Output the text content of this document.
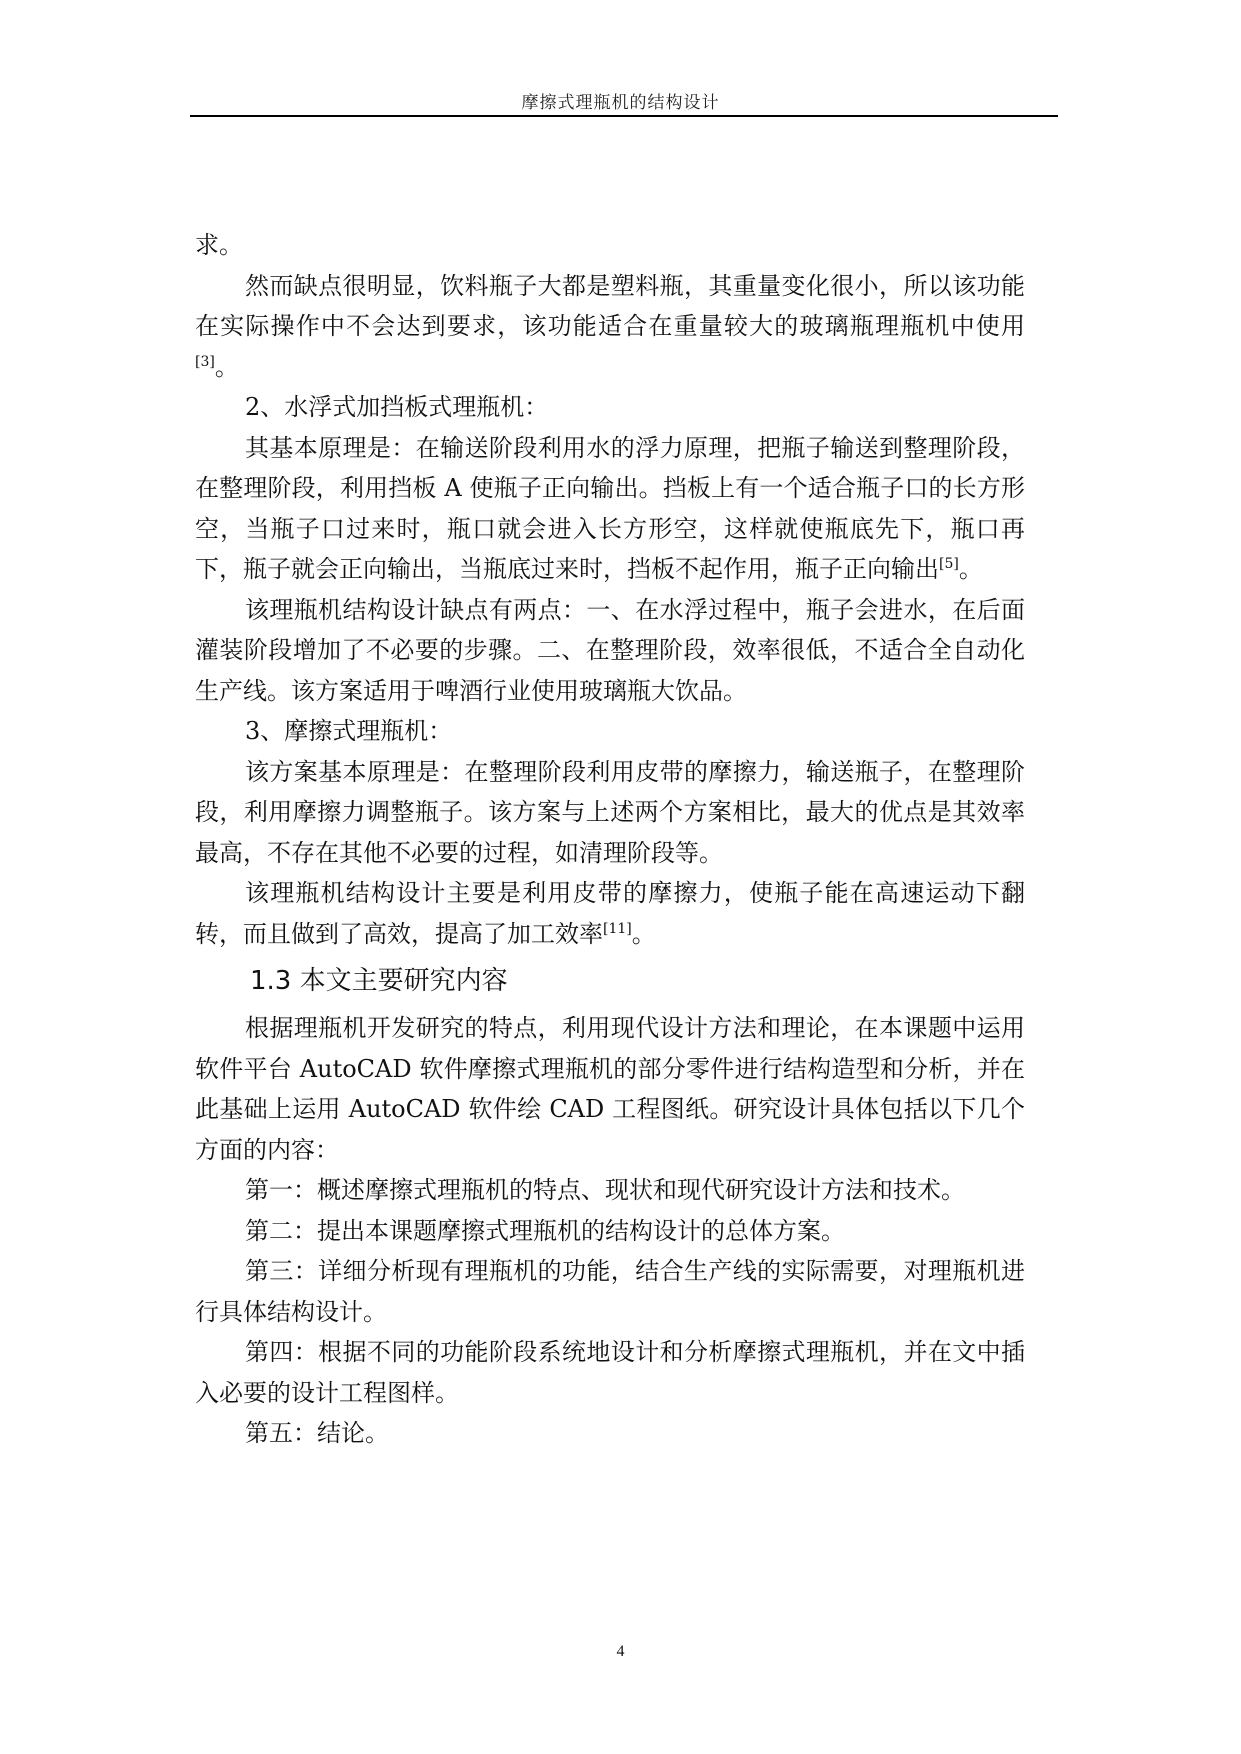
摩擦式理瓶机的结构设计

求。

然而缺点很明显，饮料瓶子大都是塑料瓶，其重量变化很小，所以该功能在实际操作中不会达到要求，该功能适合在重量较大的玻璃瓶理瓶机中使用[3]。

2、水浮式加挡板式理瓶机：

其基本原理是：在输送阶段利用水的浮力原理，把瓶子输送到整理阶段，在整理阶段，利用挡板 A 使瓶子正向输出。挡板上有一个适合瓶子口的长方形空，当瓶子口过来时，瓶口就会进入长方形空，这样就使瓶底先下，瓶口再下，瓶子就会正向输出，当瓶底过来时，挡板不起作用，瓶子正向输出[5]。

该理瓶机结构设计缺点有两点：一、在水浮过程中，瓶子会进水，在后面灌装阶段增加了不必要的步骤。二、在整理阶段，效率很低，不适合全自动化生产线。该方案适用于啤酒行业使用玻璃瓶大饮品。

3、摩擦式理瓶机：

该方案基本原理是：在整理阶段利用皮带的摩擦力，输送瓶子，在整理阶段，利用摩擦力调整瓶子。该方案与上述两个方案相比，最大的优点是其效率最高，不存在其他不必要的过程，如清理阶段等。

该理瓶机结构设计主要是利用皮带的摩擦力，使瓶子能在高速运动下翻转，而且做到了高效，提高了加工效率[11]。

1.3 本文主要研究内容

根据理瓶机开发研究的特点，利用现代设计方法和理论，在本课题中运用软件平台 AutoCAD 软件摩擦式理瓶机的部分零件进行结构造型和分析，并在此基础上运用 AutoCAD 软件绘 CAD 工程图纸。研究设计具体包括以下几个方面的内容：

第一：概述摩擦式理瓶机的特点、现状和现代研究设计方法和技术。

第二：提出本课题摩擦式理瓶机的结构设计的总体方案。

第三：详细分析现有理瓶机的功能，结合生产线的实际需要，对理瓶机进行具体结构设计。

第四：根据不同的功能阶段系统地设计和分析摩擦式理瓶机，并在文中插入必要的设计工程图样。

第五：结论。

4
